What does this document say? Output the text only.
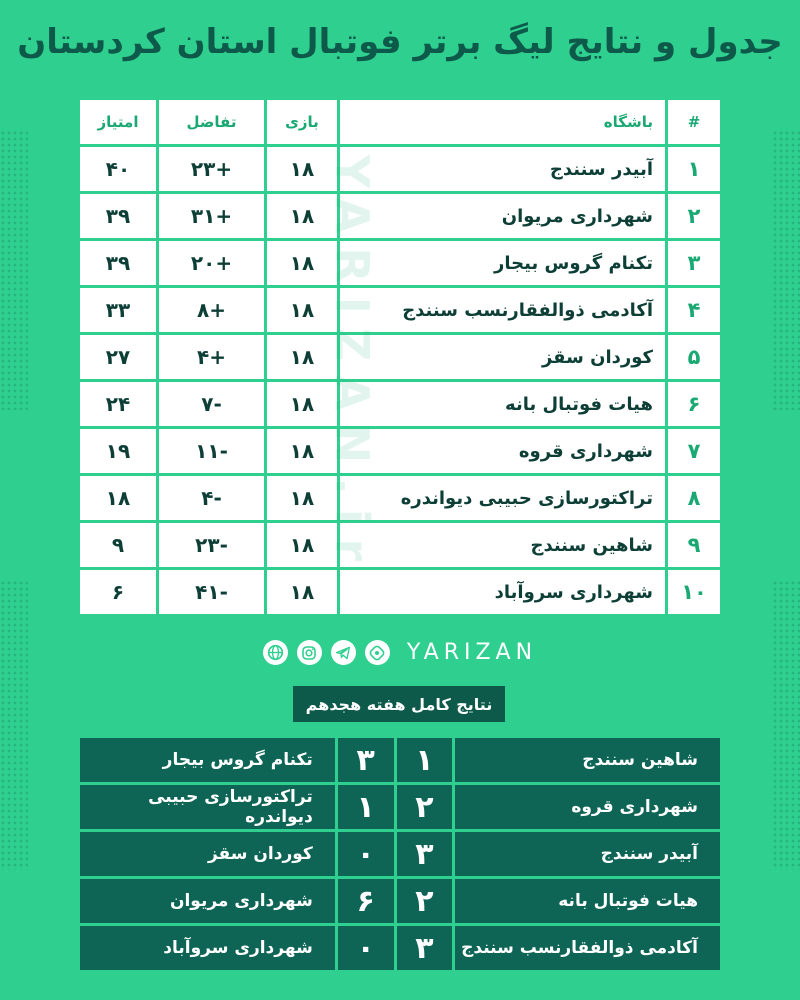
جدول و نتایج لیگ برتر فوتبال استان کردستان
#
باشگاه
بازی
تفاضل
امتیاز
۱
آبیدر سنندج
۱۸
+۲۳
۴۰
۲
شهرداری مریوان
۱۸
+۳۱
۳۹
۳
تکنام گروس بیجار
۱۸
+۲۰
۳۹
۴
آکادمی ذوالفقارنسب سنندج
۱۸
+۸
۳۳
۵
کوردان سقز
۱۸
+۴
۲۷
۶
هیات فوتبال بانه
۱۸
-۷
۲۴
۷
شهرداری قروه
۱۸
-۱۱
۱۹
۸
تراکتورسازی حبیبی دیواندره
۱۸
-۴
۱۸
۹
شاهین سنندج
۱۸
-۲۳
۹
۱۰
شهرداری سروآباد
۱۸
-۴۱
۶
YARIZAN
نتایج کامل هفته هجدهم
شاهین سنندج
۱
۳
تکنام گروس بیجار
شهرداری قروه
۲
۱
تراکتورسازی حبیبی دیواندره
آبیدر سنندج
۳
۰
کوردان سقز
هیات فوتبال بانه
۲
۶
شهرداری مریوان
آکادمی ذوالفقارنسب سنندج
۳
۰
شهرداری سروآباد
